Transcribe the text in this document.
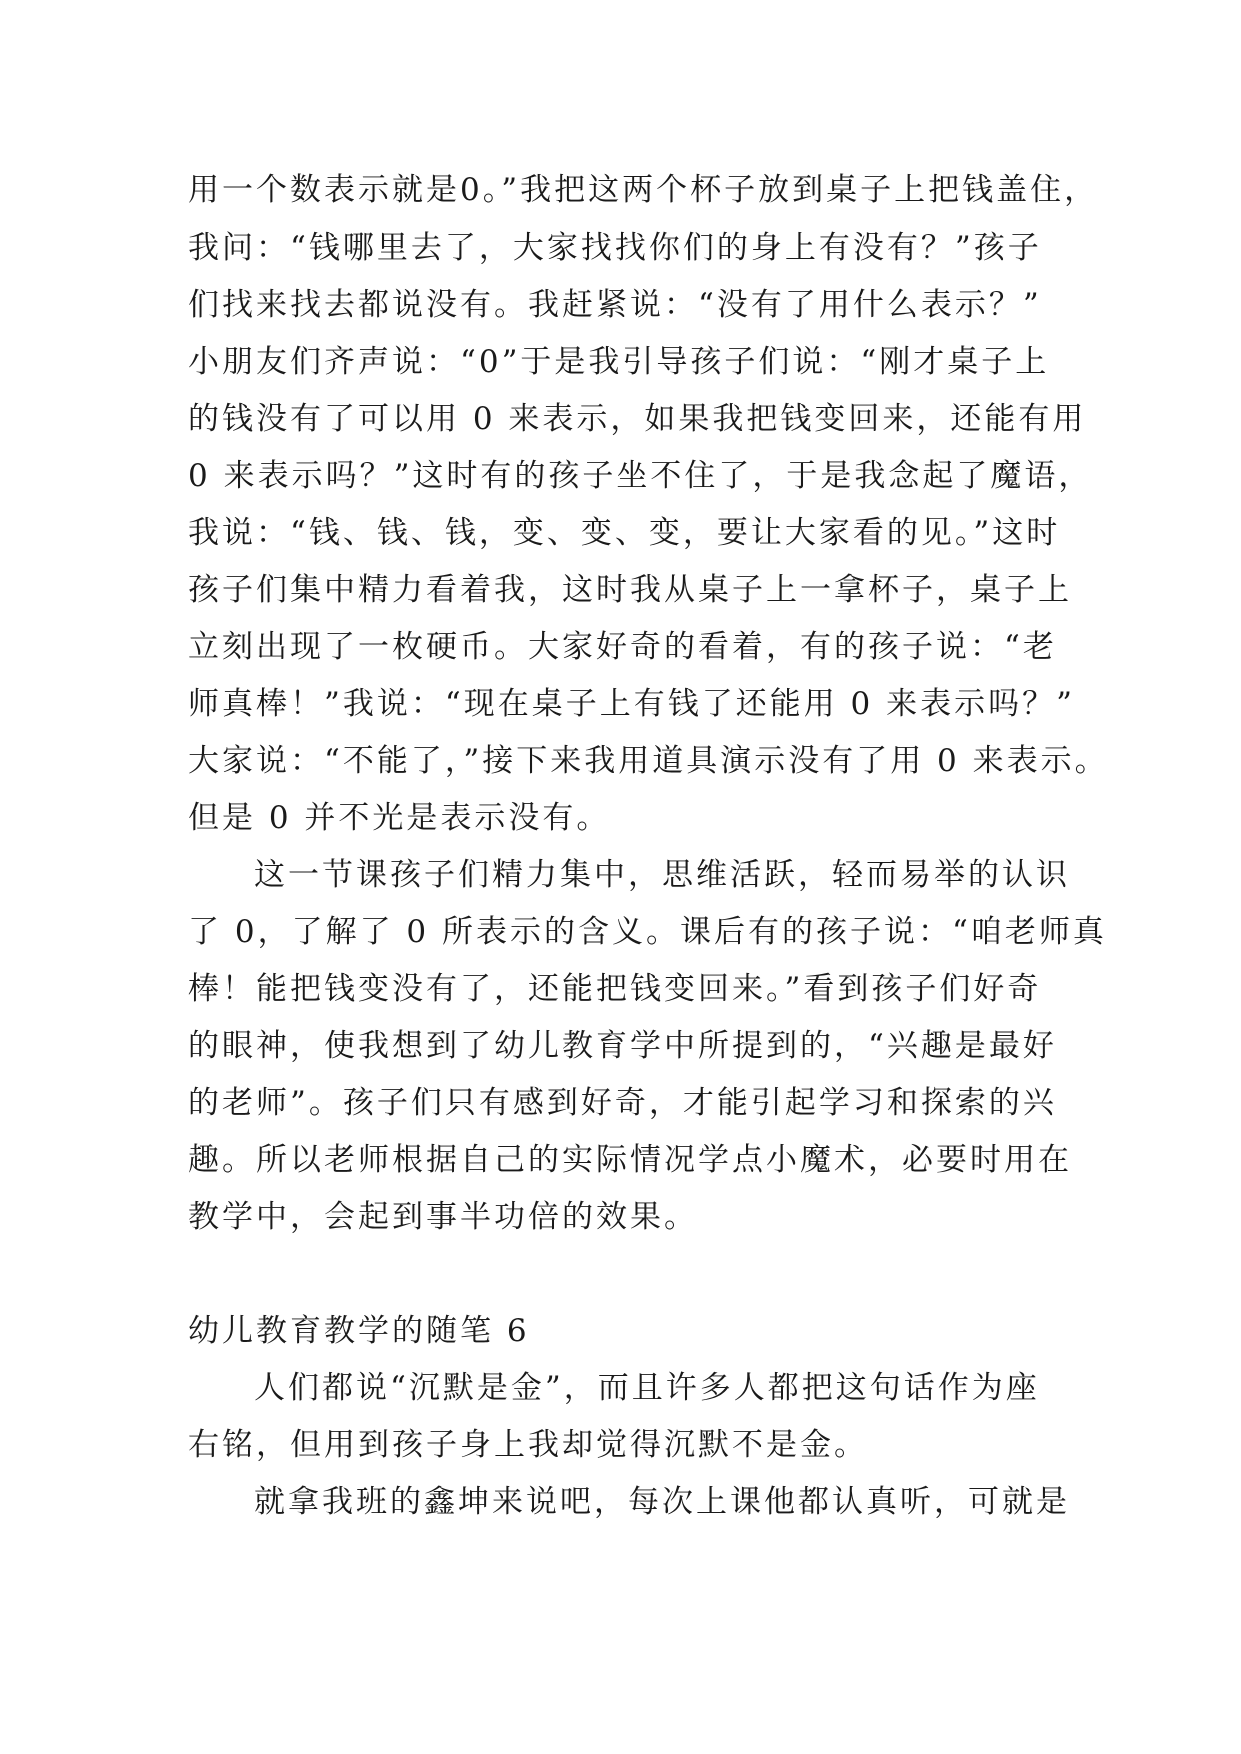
用一个数表示就是0。”我把这两个杯子放到桌子上把钱盖住，
我问：“钱哪里去了，大家找找你们的身上有没有？”孩子
们找来找去都说没有。我赶紧说：“没有了用什么表示？”
小朋友们齐声说：“0”于是我引导孩子们说：“刚才桌子上
的钱没有了可以用 0 来表示，如果我把钱变回来，还能有用
0 来表示吗？”这时有的孩子坐不住了，于是我念起了魔语，
我说：“钱、钱、钱，变、变、变，要让大家看的见。”这时
孩子们集中精力看着我，这时我从桌子上一拿杯子，桌子上
立刻出现了一枚硬币。大家好奇的看着，有的孩子说：“老
师真棒！”我说：“现在桌子上有钱了还能用 0 来表示吗？”
大家说：“不能了，”接下来我用道具演示没有了用 0 来表示。
但是 0 并不光是表示没有。
这一节课孩子们精力集中，思维活跃，轻而易举的认识
了 0，了解了 0 所表示的含义。课后有的孩子说：“咱老师真
棒！能把钱变没有了，还能把钱变回来。”看到孩子们好奇
的眼神，使我想到了幼儿教育学中所提到的，“兴趣是最好
的老师”。孩子们只有感到好奇，才能引起学习和探索的兴
趣。所以老师根据自己的实际情况学点小魔术，必要时用在
教学中，会起到事半功倍的效果。
幼儿教育教学的随笔 6
人们都说“沉默是金”，而且许多人都把这句话作为座
右铭，但用到孩子身上我却觉得沉默不是金。
就拿我班的鑫坤来说吧，每次上课他都认真听，可就是
